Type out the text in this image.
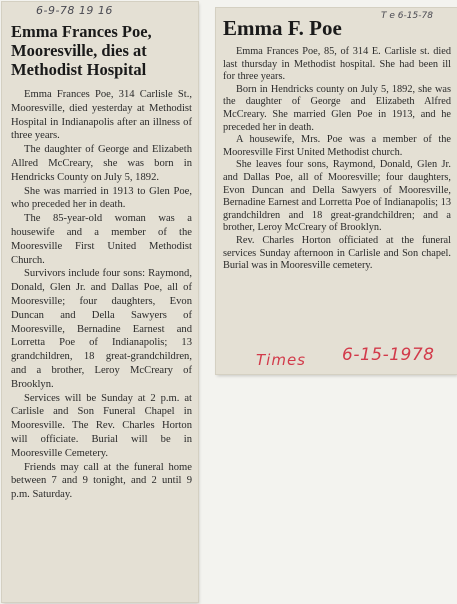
Emma Frances Poe, Mooresville, dies at Methodist Hospital

Emma Frances Poe, 314 Carlisle St., Mooresville, died yesterday at Methodist Hospital in Indianapolis after an illness of three years.

The daughter of George and Elizabeth Allred McCreary, she was born in Hendricks County on July 5, 1892.

She was married in 1913 to Glen Poe, who preceded her in death.

The 85-year-old woman was a housewife and a member of the Mooresville First United Methodist Church.

Survivors include four sons: Raymond, Donald, Glen Jr. and Dallas Poe, all of Mooresville; four daughters, Evon Duncan and Della Sawyers of Mooresville, Bernadine Earnest and Lorretta Poe of Indianapolis; 13 grandchildren, 18 great-grandchildren, and a brother, Leroy McCreary of Brooklyn.

Services will be Sunday at 2 p.m. at Carlisle and Son Funeral Chapel in Mooresville. The Rev. Charles Horton will officiate. Burial will be in Mooresville Cemetery.

Friends may call at the funeral home between 7 and 9 tonight, and 2 until 9 p.m. Saturday.

6-9-78 19 16
Emma F. Poe

Emma Frances Poe, 85, of 314 E. Carlisle st. died last thursday in Methodist hospital. She had been ill for three years.

Born in Hendricks county on July 5, 1892, she was the daughter of George and Elizabeth Alfred McCreary. She married Glen Poe in 1913, and he preceded her in death.

A housewife, Mrs. Poe was a member of the Mooresville First United Methodist church.

She leaves four sons, Raymond, Donald, Glen Jr. and Dallas Poe, all of Mooresville; four daughters, Evon Duncan and Della Sawyers of Mooresville, Bernadine Earnest and Lorretta Poe of Indianapolis; 13 grandchildren and 18 great-grandchildren; and a brother, Leroy McCreary of Brooklyn.

Rev. Charles Horton officiated at the funeral services Sunday afternoon in Carlisle and Son chapel. Burial was in Mooresville cemetery.

T e 6-15-78
Times 6-15-1978
